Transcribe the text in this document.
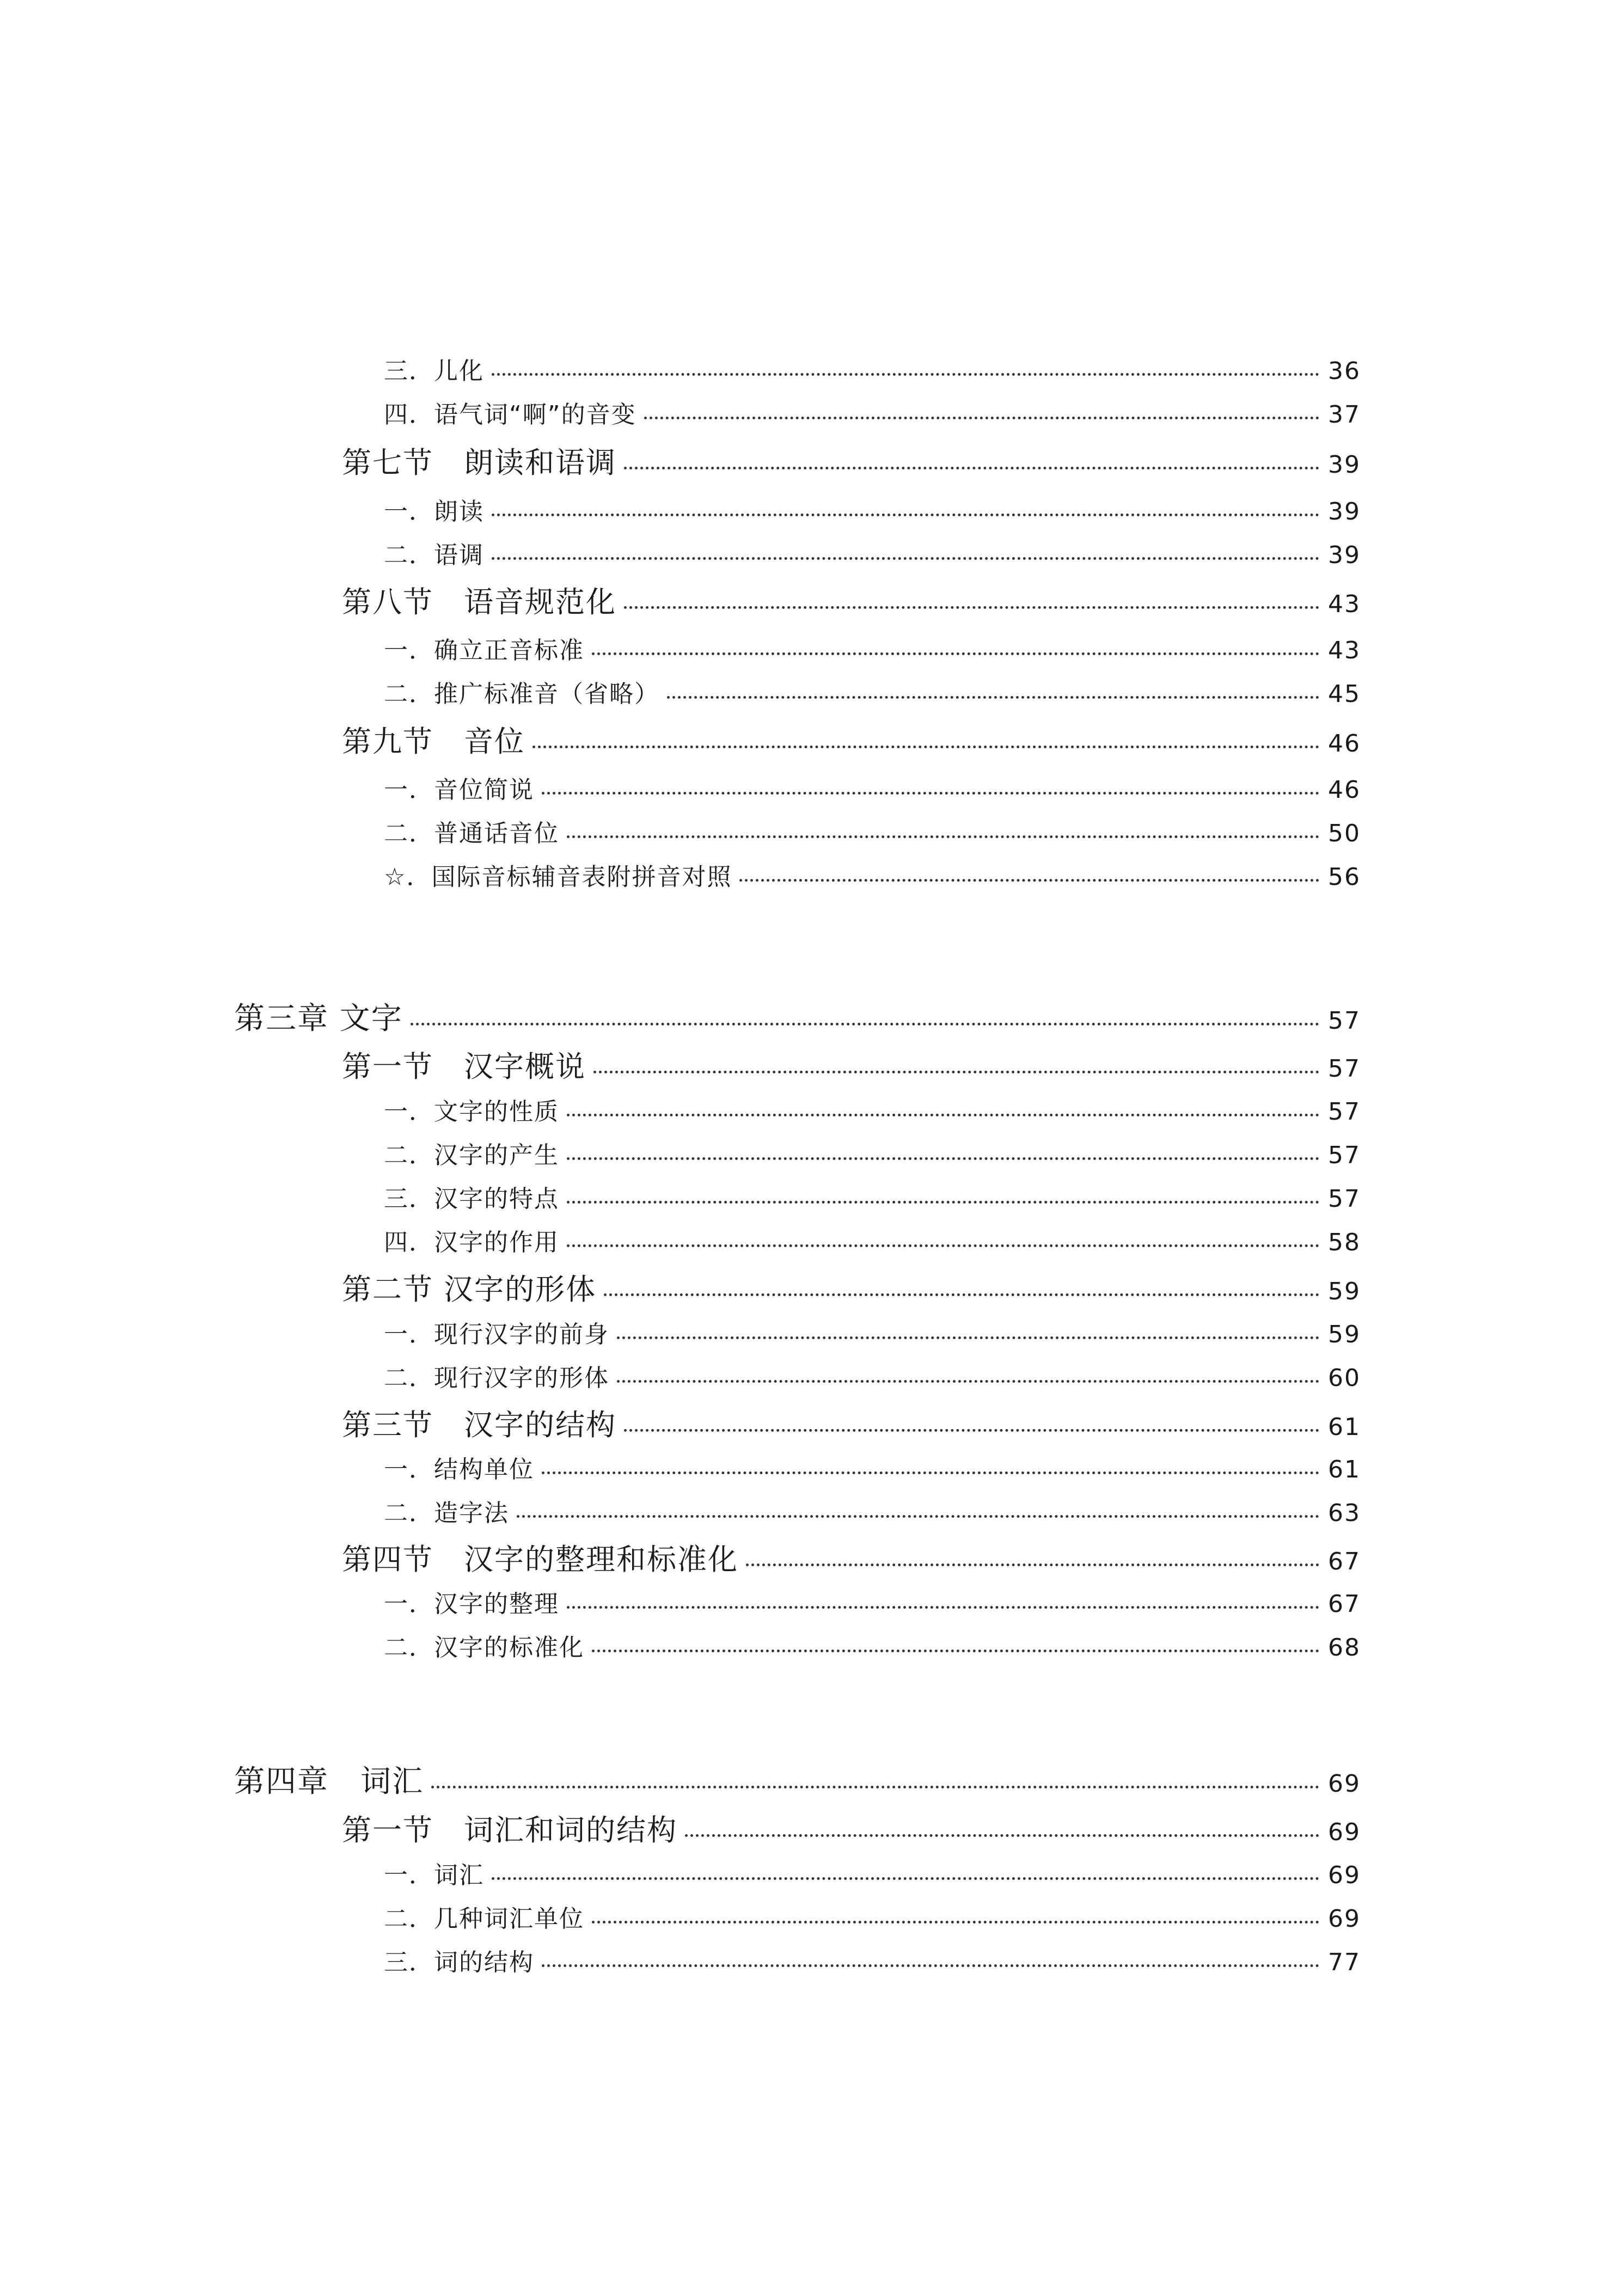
三．儿化	36
四．语气词“啊”的音变	37
第七节　朗读和语调	39
一．朗读	39
二．语调	39
第八节　语音规范化	43
一．确立正音标准	43
二．推广标准音（省略）	45
第九节　音位	46
一．音位简说	46
二．普通话音位	50
☆．国际音标辅音表附拼音对照	56
第三章 文字	57
第一节　汉字概说	57
一．文字的性质	57
二．汉字的产生	57
三．汉字的特点	57
四．汉字的作用	58
第二节 汉字的形体	59
一．现行汉字的前身	59
二．现行汉字的形体	60
第三节　汉字的结构	61
一．结构单位	61
二．造字法	63
第四节　汉字的整理和标准化	67
一．汉字的整理	67
二．汉字的标准化	68
第四章　词汇	69
第一节　词汇和词的结构	69
一．词汇	69
二．几种词汇单位	69
三．词的结构	77
